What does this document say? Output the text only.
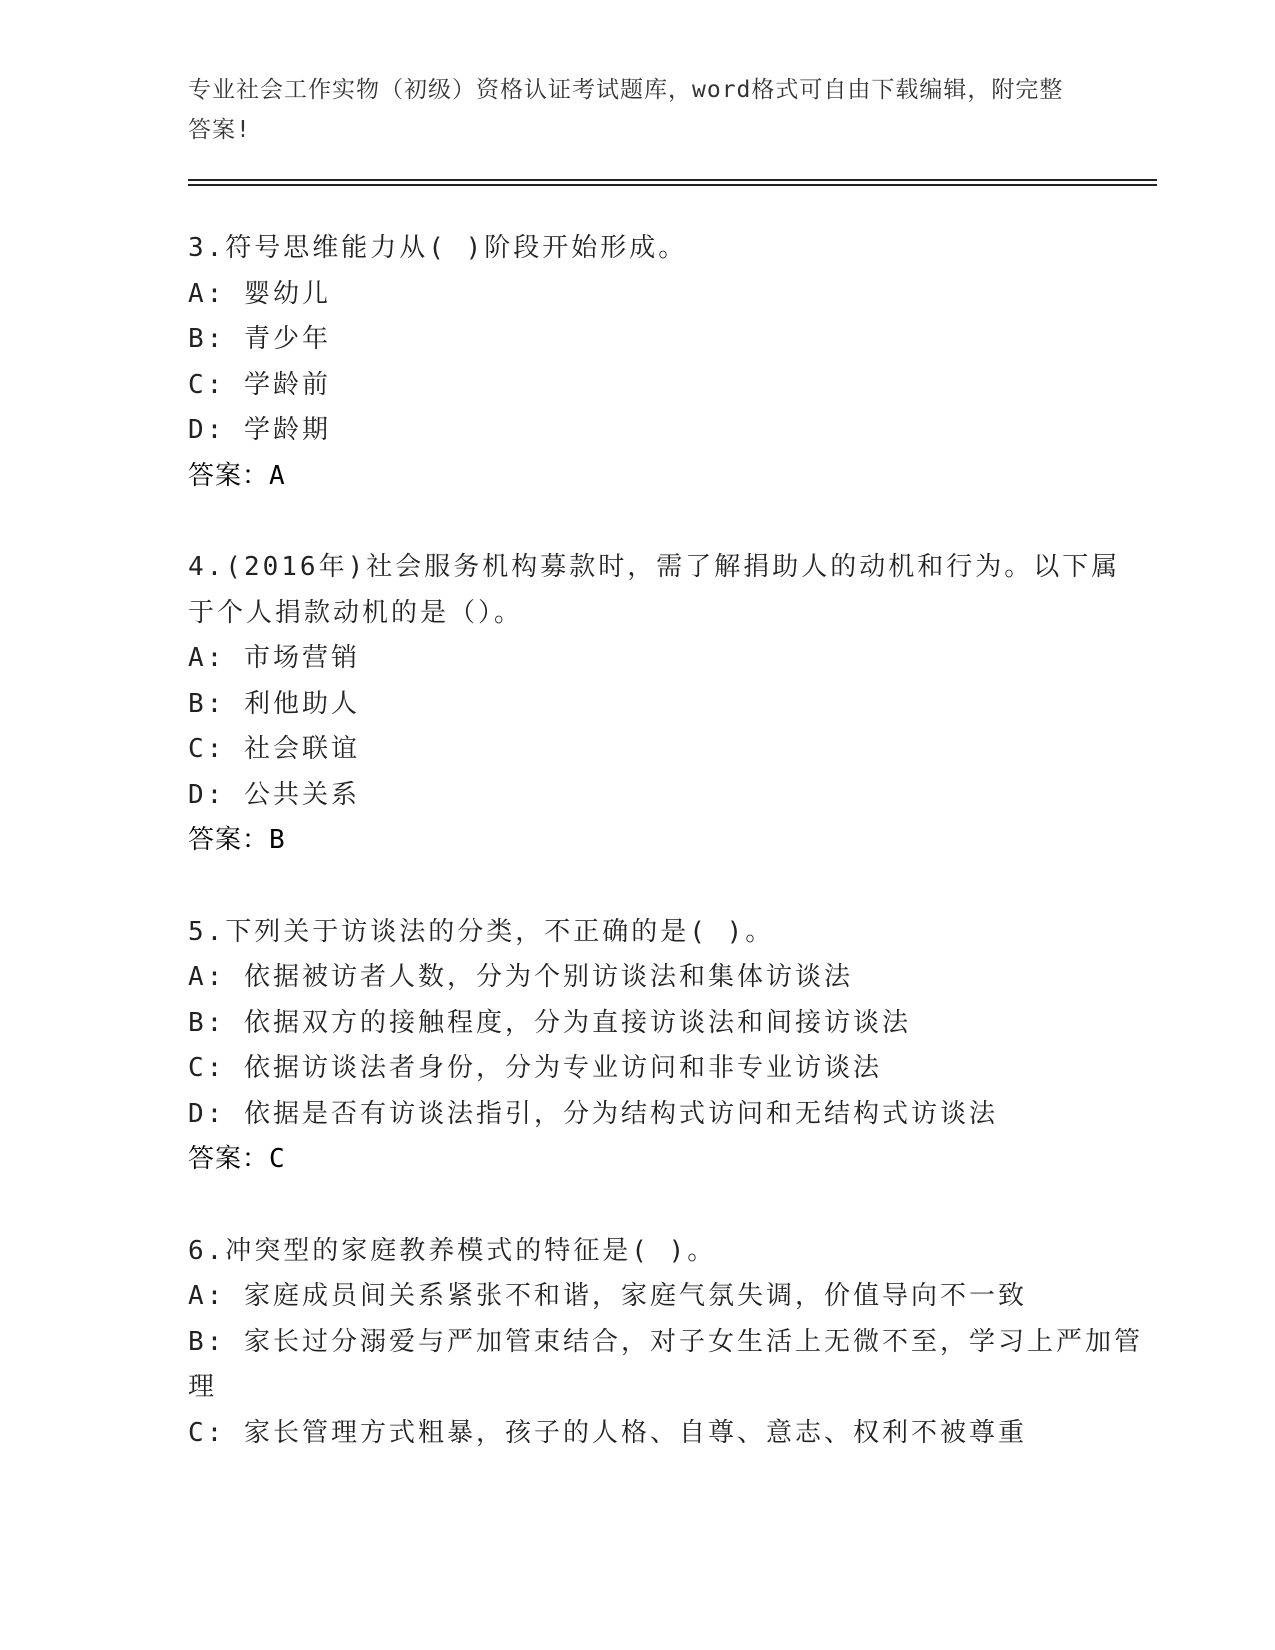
专业社会工作实物（初级）资格认证考试题库，word格式可自由下载编辑，附完整答案!
3.符号思维能力从( )阶段开始形成。
A: 婴幼儿
B: 青少年
C: 学龄前
D: 学龄期
答案：A
4.(2016年)社会服务机构募款时，需了解捐助人的动机和行为。以下属于个人捐款动机的是（）。
A: 市场营销
B: 利他助人
C: 社会联谊
D: 公共关系
答案：B
5.下列关于访谈法的分类，不正确的是( )。
A: 依据被访者人数，分为个别访谈法和集体访谈法
B: 依据双方的接触程度，分为直接访谈法和间接访谈法
C: 依据访谈法者身份，分为专业访问和非专业访谈法
D: 依据是否有访谈法指引，分为结构式访问和无结构式访谈法
答案：C
6.冲突型的家庭教养模式的特征是( )。
A: 家庭成员间关系紧张不和谐，家庭气氛失调，价值导向不一致
B: 家长过分溺爱与严加管束结合，对子女生活上无微不至，学习上严加管理
C: 家长管理方式粗暴，孩子的人格、自尊、意志、权利不被尊重
